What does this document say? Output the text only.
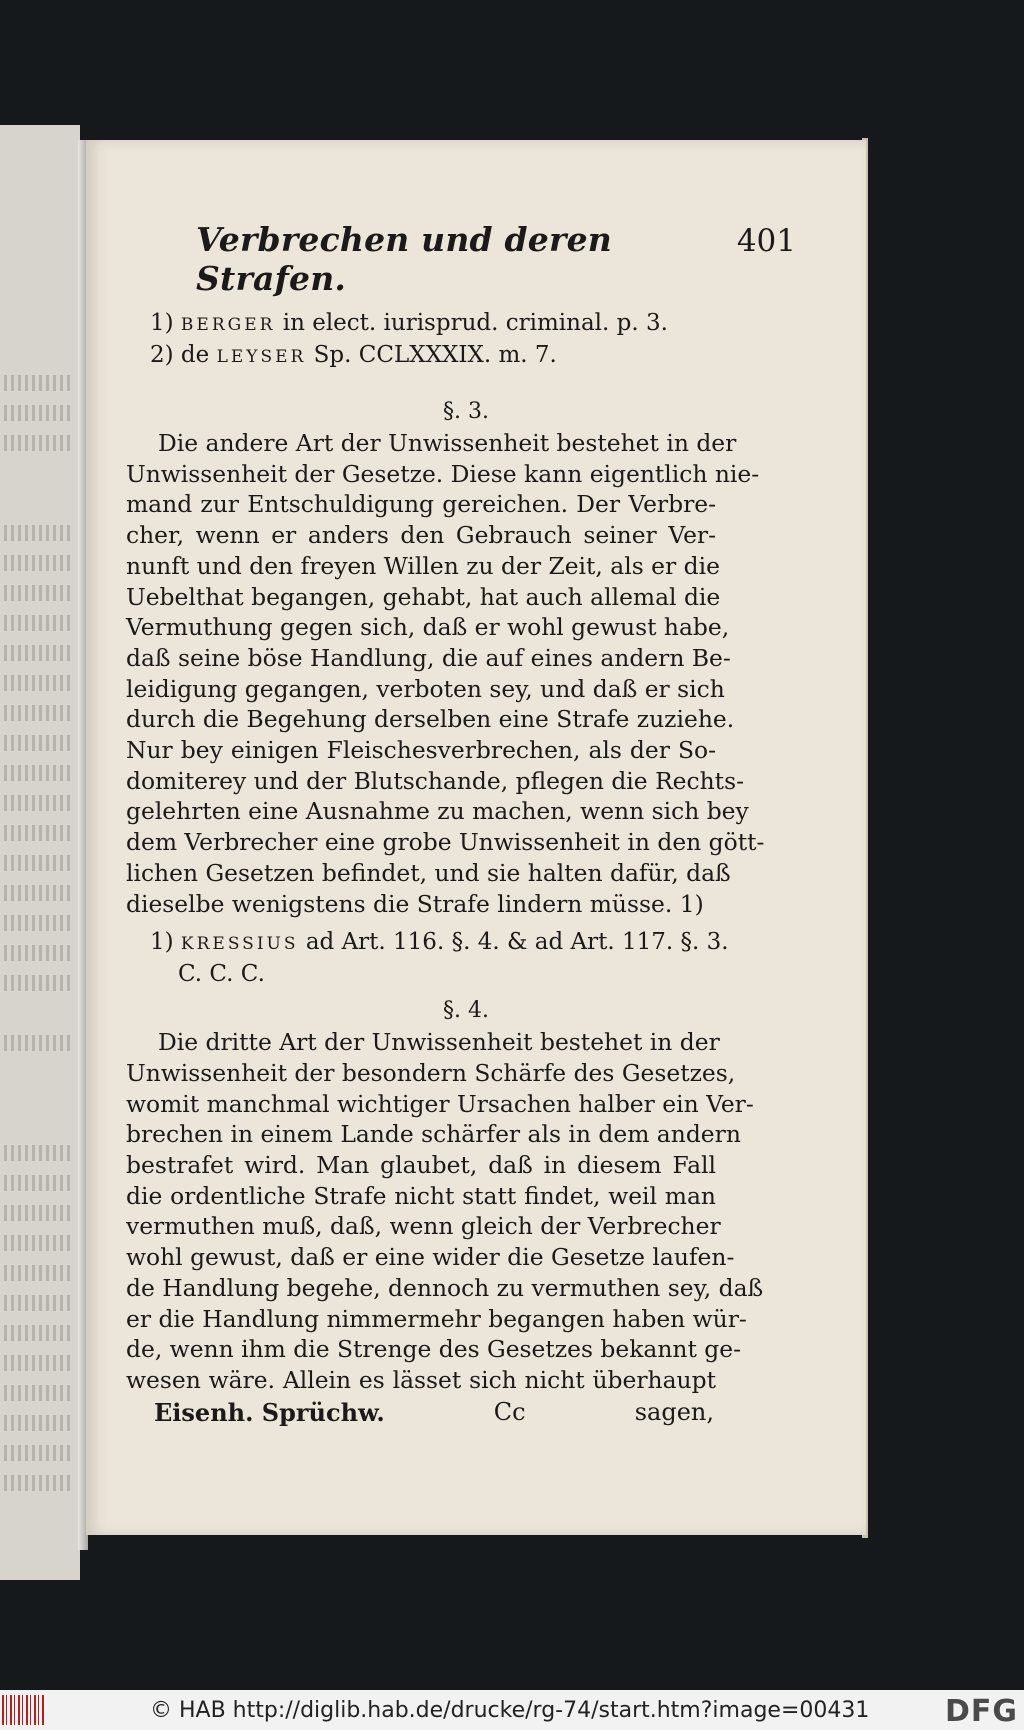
Verbrechen und deren Strafen.
401
1) BERGER in elect. iurisprud. criminal. p. 3.
2) de LEYSER Sp. CCLXXXIX. m. 7.
§. 3.
Die andere Art der Unwissenheit bestehet in der
Unwissenheit der Gesetze. Diese kann eigentlich nie-
mand zur Entschuldigung gereichen. Der Verbre-
cher, wenn er anders den Gebrauch seiner Ver-
nunft und den freyen Willen zu der Zeit, als er die
Uebelthat begangen, gehabt, hat auch allemal die
Vermuthung gegen sich, daß er wohl gewust habe,
daß seine böse Handlung, die auf eines andern Be-
leidigung gegangen, verboten sey, und daß er sich
durch die Begehung derselben eine Strafe zuziehe.
Nur bey einigen Fleischesverbrechen, als der So-
domiterey und der Blutschande, pflegen die Rechts-
gelehrten eine Ausnahme zu machen, wenn sich bey
dem Verbrecher eine grobe Unwissenheit in den gött-
lichen Gesetzen befindet, und sie halten dafür, daß
dieselbe wenigstens die Strafe lindern müsse. 1)
1) KRESSIUS ad Art. 116. §. 4. & ad Art. 117. §. 3.
C. C. C.
§. 4.
Die dritte Art der Unwissenheit bestehet in der
Unwissenheit der besondern Schärfe des Gesetzes,
womit manchmal wichtiger Ursachen halber ein Ver-
brechen in einem Lande schärfer als in dem andern
bestrafet wird. Man glaubet, daß in diesem Fall
die ordentliche Strafe nicht statt findet, weil man
vermuthen muß, daß, wenn gleich der Verbrecher
wohl gewust, daß er eine wider die Gesetze laufen-
de Handlung begehe, dennoch zu vermuthen sey, daß
er die Handlung nimmermehr begangen haben wür-
de, wenn ihm die Strenge des Gesetzes bekannt ge-
wesen wäre. Allein es lässet sich nicht überhaupt
Eisenh. Sprüchw.	Cc	sagen,
© HAB http://diglib.hab.de/drucke/rg-74/start.htm?image=00431	DFG
